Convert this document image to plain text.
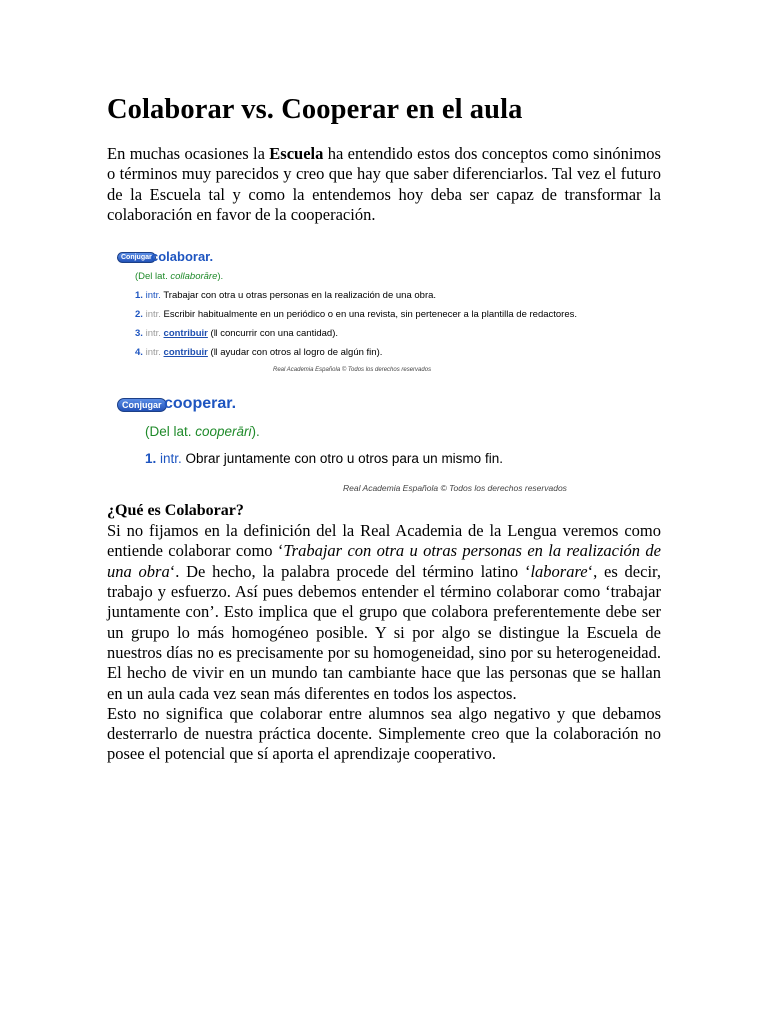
Colaborar vs. Cooperar en el aula

En muchas ocasiones la Escuela ha entendido estos dos conceptos como sinónimos o términos muy parecidos y creo que hay que saber diferenciarlos. Tal vez el futuro de la Escuela tal y como la entendemos hoy deba ser capaz de transformar la colaboración en favor de la cooperación.

Conjugar colaborar.
(Del lat. collaborāre).
1. intr. Trabajar con otra u otras personas en la realización de una obra.
2. intr. Escribir habitualmente en un periódico o en una revista, sin pertenecer a la plantilla de redactores.
3. intr. contribuir (‖ concurrir con una cantidad).
4. intr. contribuir (‖ ayudar con otros al logro de algún fin).
Real Academia Española © Todos los derechos reservados
Conjugar cooperar.
(Del lat. cooperāri).
1. intr. Obrar juntamente con otro u otros para un mismo fin.
Real Academia Española © Todos los derechos reservados
¿Qué es Colaborar?

Si no fijamos en la definición del la Real Academia de la Lengua veremos como entiende colaborar como ‘Trabajar con otra u otras personas en la realización de una obra‘. De hecho, la palabra procede del término latino ‘laborare‘, es decir, trabajo y esfuerzo. Así pues debemos entender el término colaborar como ‘trabajar juntamente con’. Esto implica que el grupo que colabora preferentemente debe ser un grupo lo más homogéneo posible. Y si por algo se distingue la Escuela de nuestros días no es precisamente por su homogeneidad, sino por su heterogeneidad. El hecho de vivir en un mundo tan cambiante hace que las personas que se hallan en un aula cada vez sean más diferentes en todos los aspectos.

Esto no significa que colaborar entre alumnos sea algo negativo y que debamos desterrarlo de nuestra práctica docente. Simplemente creo que la colaboración no posee el potencial que sí aporta el aprendizaje cooperativo.
